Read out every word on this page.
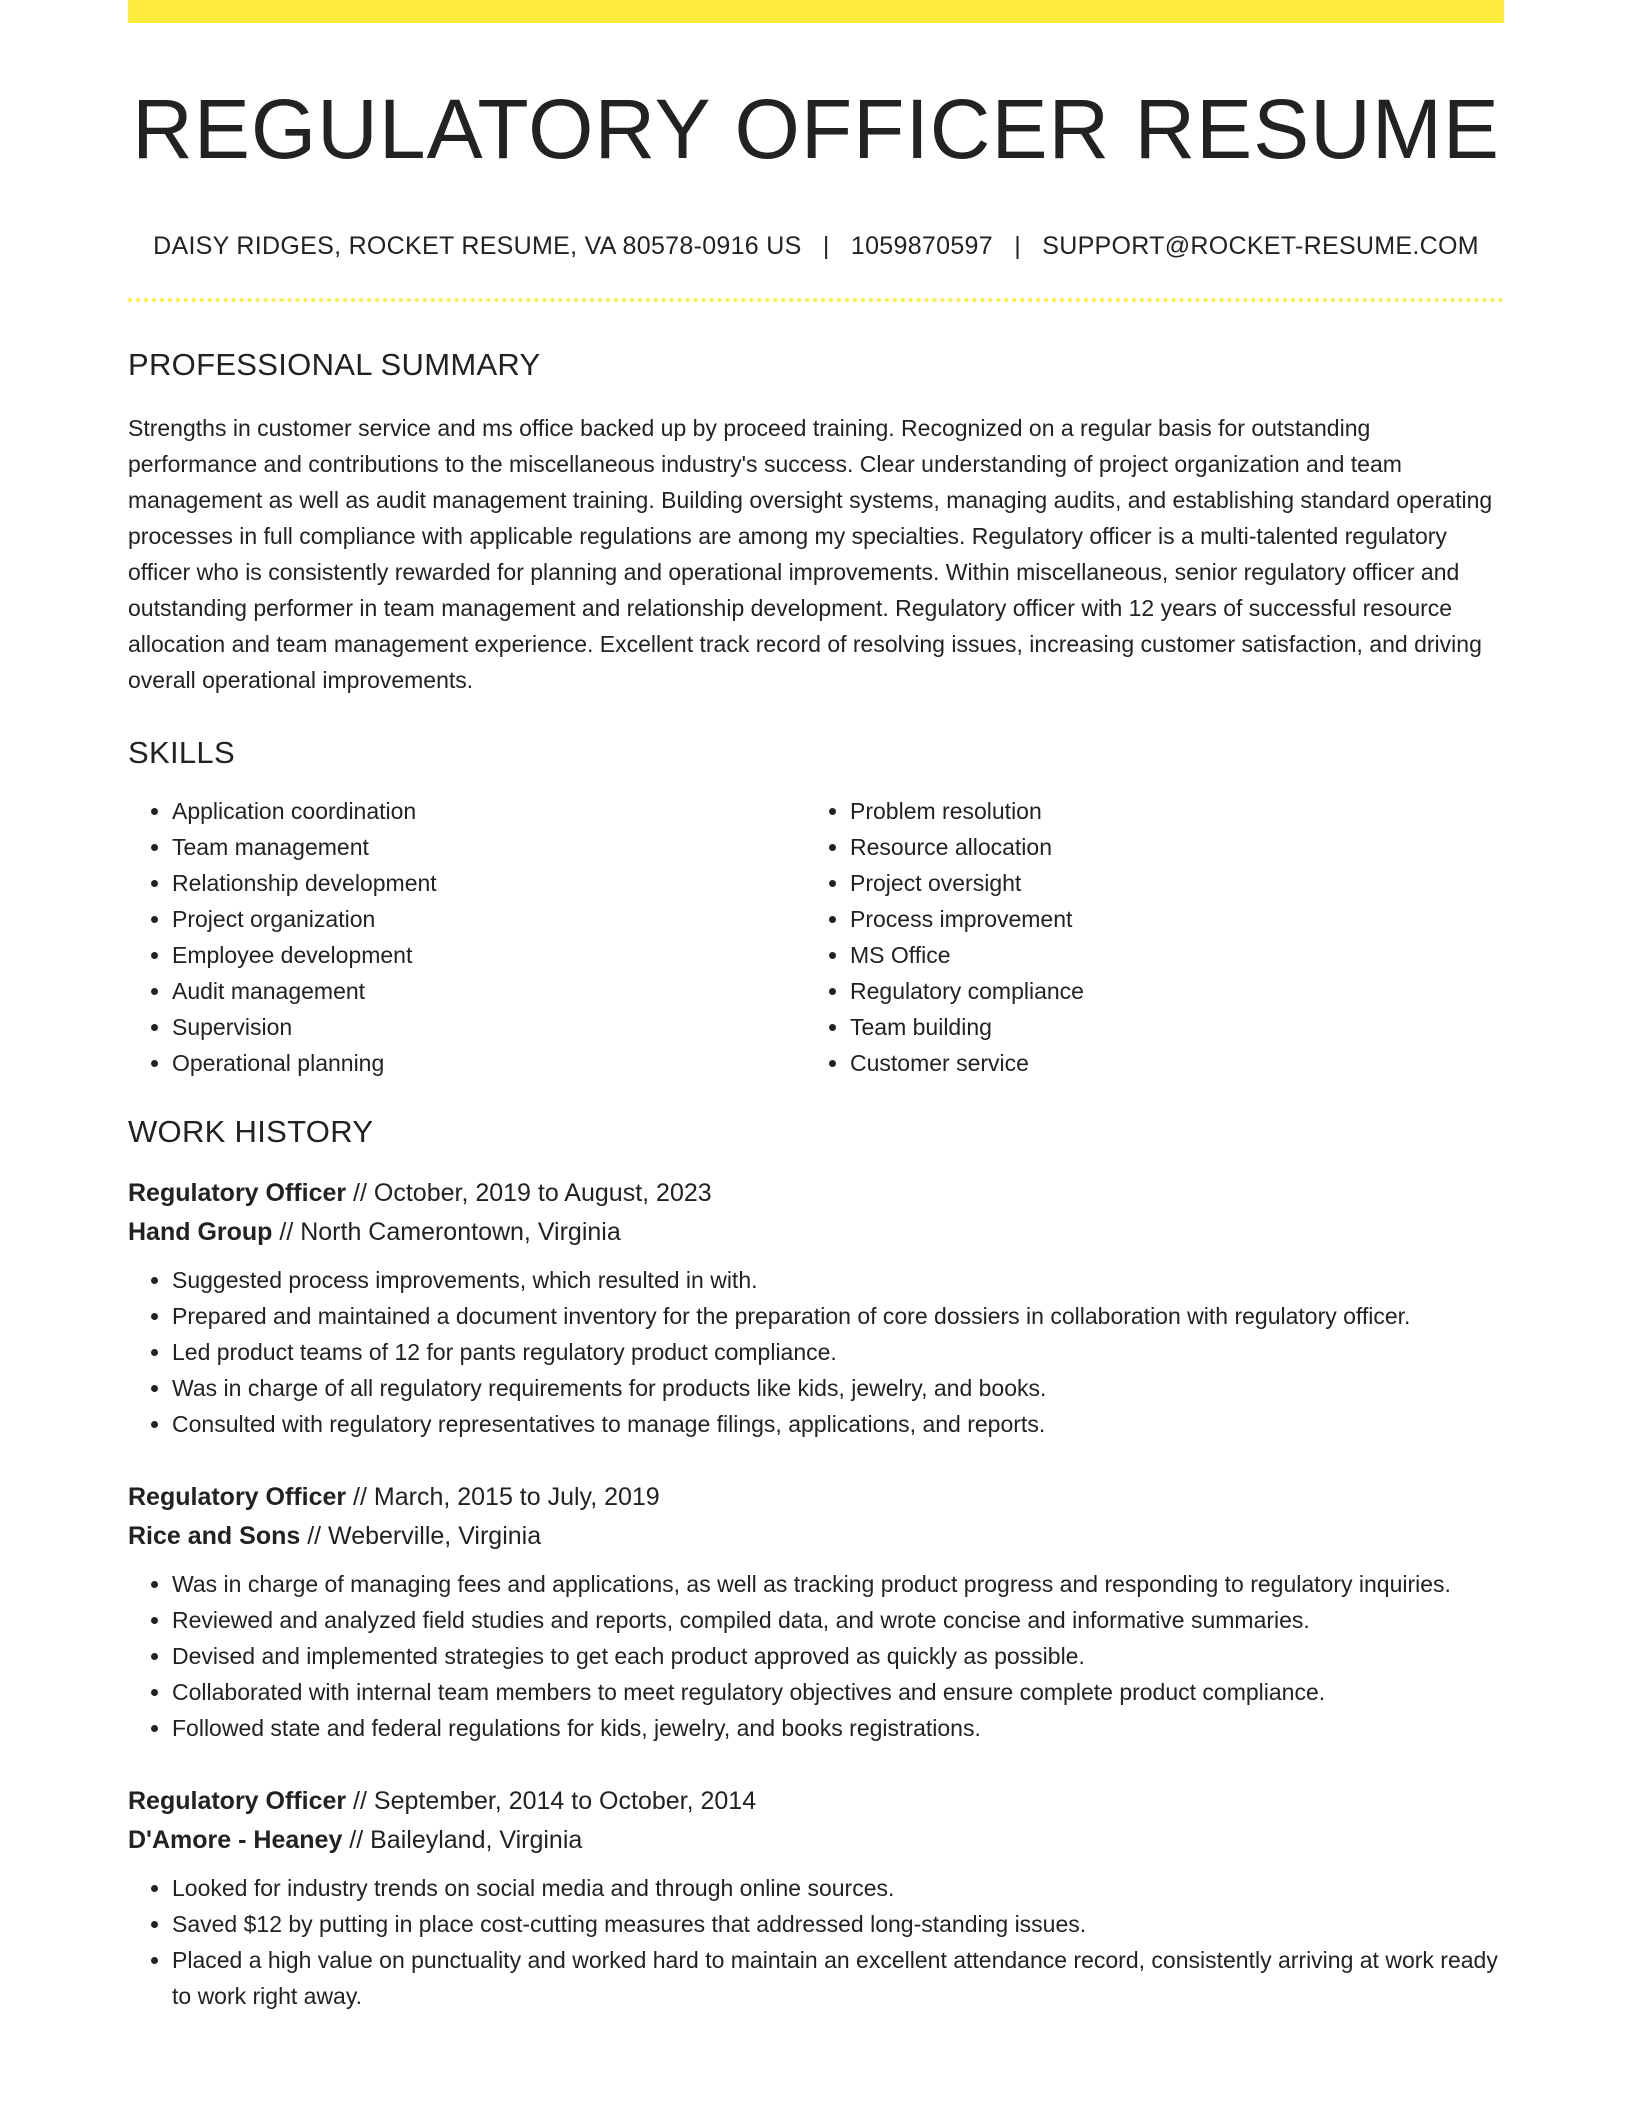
REGULATORY OFFICER RESUME
DAISY RIDGES, ROCKET RESUME, VA 80578-0916 US | 1059870597 | SUPPORT@ROCKET-RESUME.COM
PROFESSIONAL SUMMARY
Strengths in customer service and ms office backed up by proceed training. Recognized on a regular basis for outstanding performance and contributions to the miscellaneous industry's success. Clear understanding of project organization and team management as well as audit management training. Building oversight systems, managing audits, and establishing standard operating processes in full compliance with applicable regulations are among my specialties. Regulatory officer is a multi-talented regulatory officer who is consistently rewarded for planning and operational improvements. Within miscellaneous, senior regulatory officer and outstanding performer in team management and relationship development. Regulatory officer with 12 years of successful resource allocation and team management experience. Excellent track record of resolving issues, increasing customer satisfaction, and driving overall operational improvements.
SKILLS
• Application coordination
• Team management
• Relationship development
• Project organization
• Employee development
• Audit management
• Supervision
• Operational planning
• Problem resolution
• Resource allocation
• Project oversight
• Process improvement
• MS Office
• Regulatory compliance
• Team building
• Customer service
WORK HISTORY
Regulatory Officer // October, 2019 to August, 2023
Hand Group // North Camerontown, Virginia
• Suggested process improvements, which resulted in with.
• Prepared and maintained a document inventory for the preparation of core dossiers in collaboration with regulatory officer.
• Led product teams of 12 for pants regulatory product compliance.
• Was in charge of all regulatory requirements for products like kids, jewelry, and books.
• Consulted with regulatory representatives to manage filings, applications, and reports.
Regulatory Officer // March, 2015 to July, 2019
Rice and Sons // Weberville, Virginia
• Was in charge of managing fees and applications, as well as tracking product progress and responding to regulatory inquiries.
• Reviewed and analyzed field studies and reports, compiled data, and wrote concise and informative summaries.
• Devised and implemented strategies to get each product approved as quickly as possible.
• Collaborated with internal team members to meet regulatory objectives and ensure complete product compliance.
• Followed state and federal regulations for kids, jewelry, and books registrations.
Regulatory Officer // September, 2014 to October, 2014
D'Amore - Heaney // Baileyland, Virginia
• Looked for industry trends on social media and through online sources.
• Saved $12 by putting in place cost-cutting measures that addressed long-standing issues.
• Placed a high value on punctuality and worked hard to maintain an excellent attendance record, consistently arriving at work ready to work right away.
